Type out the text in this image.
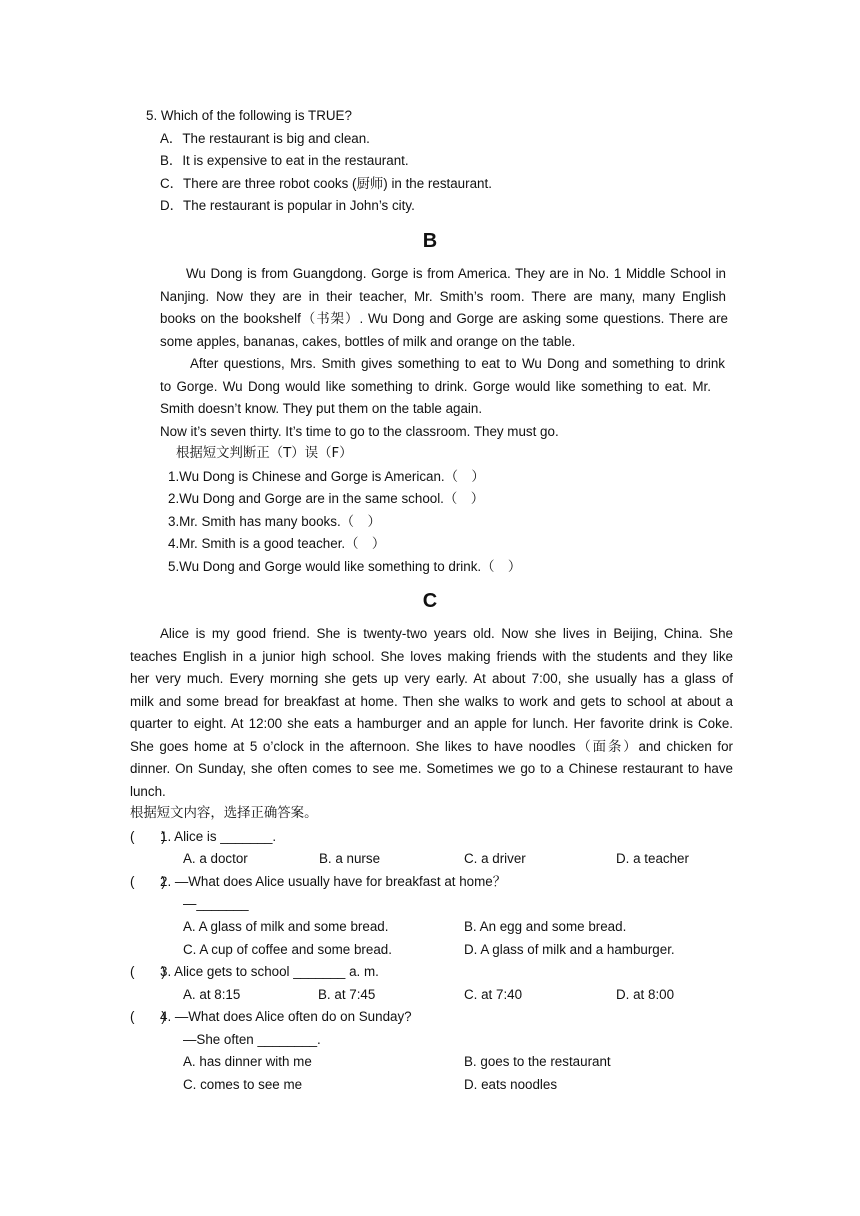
5. Which of the following is TRUE?
A．The restaurant is big and clean.
B．It is expensive to eat in the restaurant.
C．There are three robot cooks (厨师) in the restaurant.
D．The restaurant is popular in John’s city.
B
Wu Dong is from Guangdong. Gorge is from America. They are in No. 1 Middle School in
Nanjing. Now they are in their teacher, Mr. Smith’s room. There are many, many English
books on the bookshelf（书架）. Wu Dong and Gorge are asking some questions. There are
some apples, bananas, cakes, bottles of milk and orange on the table.
After questions, Mrs. Smith gives something to eat to Wu Dong and something to drink
to Gorge. Wu Dong would like something to drink. Gorge would like something to eat. Mr.
Smith doesn’t know. They put them on the table again.
Now it’s seven thirty. It’s time to go to the classroom. They must go.
根据短文判断正（T）误（F）
1.Wu Dong is Chinese and Gorge is American.（　）
2.Wu Dong and Gorge are in the same school.（　）
3.Mr. Smith has many books.（　）
4.Mr. Smith is a good teacher.（　）
5.Wu Dong and Gorge would like something to drink.（　）
C
Alice is my good friend. She is twenty-two years old. Now she lives in Beijing, China. She
teaches English in a junior high school. She loves making friends with the students and they like
her very much. Every morning she gets up very early. At about 7:00, she usually has a glass of
milk and some bread for breakfast at home. Then she walks to work and gets to school at about a
quarter to eight. At 12:00 she eats a hamburger and an apple for lunch. Her favorite drink is Coke.
She goes home at 5 o’clock in the afternoon. She likes to have noodles（面条）and chicken for
dinner. On Sunday, she often comes to see me. Sometimes we go to a Chinese restaurant to have
lunch.
根据短文内容，选择正确答案。
(　　)
1. Alice is _______.
A. a doctor	B. a nurse	C. a driver	D. a teacher
(　　)
2. —What does Alice usually have for breakfast at home？
—_______
A. A glass of milk and some bread.	B. An egg and some bread.
C. A cup of coffee and some bread.	D. A glass of milk and a hamburger.
(　　)
3. Alice gets to school _______ a. m.
A. at 8:15	B. at 7:45	C. at 7:40	D. at 8:00
(　　)
4. —What does Alice often do on Sunday?
—She often ________.
A. has dinner with me	B. goes to the restaurant
C. comes to see me	D. eats noodles
